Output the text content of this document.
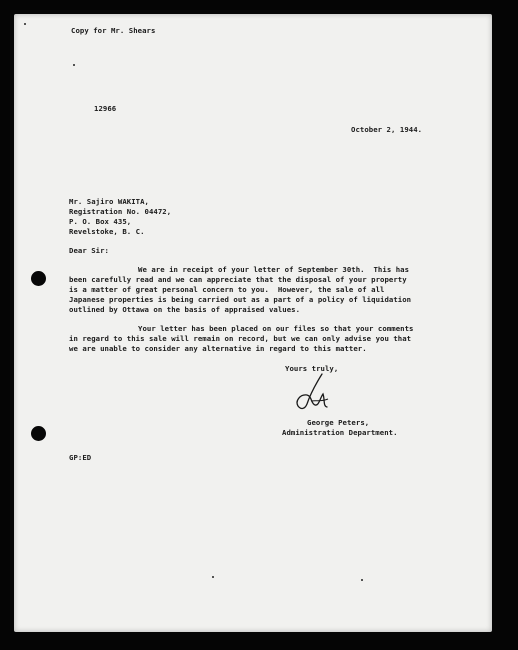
Copy for Mr. Shears
12966
October 2, 1944.
Mr. Sajiro WAKITA,
Registration No. 04472,
P. O. Box 435,
Revelstoke, B. C.
Dear Sir:
We are in receipt of your letter of September 30th.  This has
been carefully read and we can appreciate that the disposal of your property
is a matter of great personal concern to you.  However, the sale of all
Japanese properties is being carried out as a part of a policy of liquidation
outlined by Ottawa on the basis of appraised values.
Your letter has been placed on our files so that your comments
in regard to this sale will remain on record, but we can only advise you that
we are unable to consider any alternative in regard to this matter.
Yours truly,
George Peters,
Administration Department.
GP:ED
